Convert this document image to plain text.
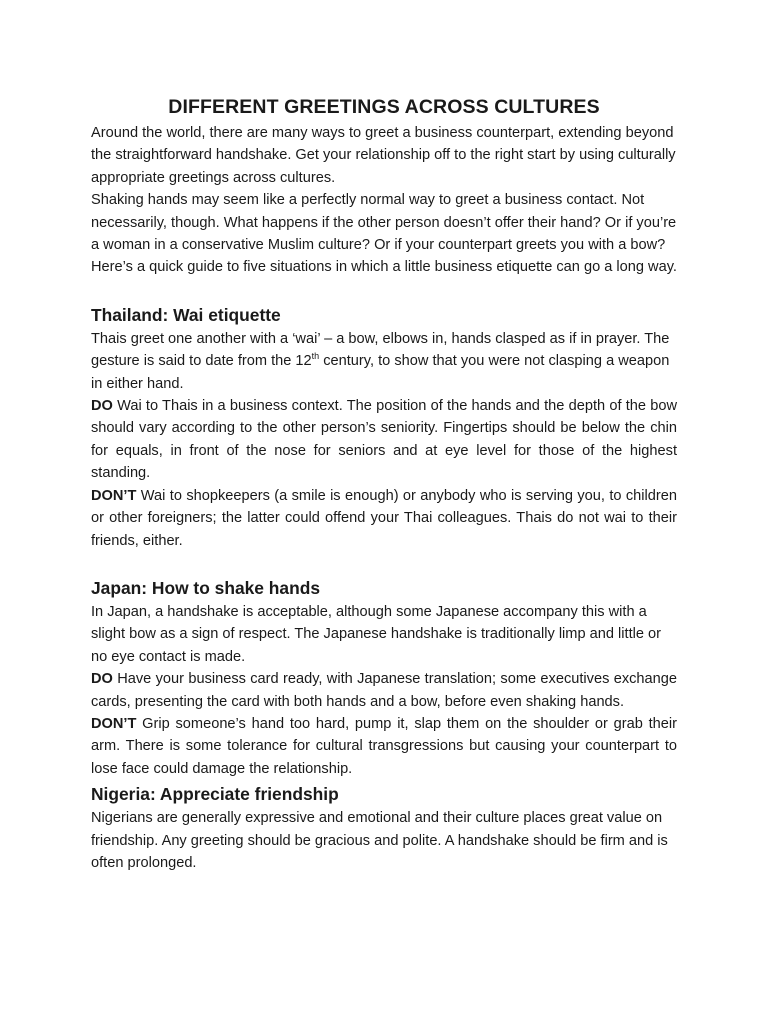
DIFFERENT GREETINGS ACROSS CULTURES

Around the world, there are many ways to greet a business counterpart, extending beyond the straightforward handshake. Get your relationship off to the right start by using culturally appropriate greetings across cultures.

Shaking hands may seem like a perfectly normal way to greet a business contact. Not necessarily, though. What happens if the other person doesn’t offer their hand? Or if you’re a woman in a conservative Muslim culture? Or if your counterpart greets you with a bow? Here’s a quick guide to five situations in which a little business etiquette can go a long way.

Thailand: Wai etiquette

Thais greet one another with a ‘wai’ – a bow, elbows in, hands clasped as if in prayer. The gesture is said to date from the 12th century, to show that you were not clasping a weapon in either hand.

DO Wai to Thais in a business context. The position of the hands and the depth of the bow should vary according to the other person’s seniority. Fingertips should be below the chin for equals, in front of the nose for seniors and at eye level for those of the highest standing.

DON’T Wai to shopkeepers (a smile is enough) or anybody who is serving you, to children or other foreigners; the latter could offend your Thai colleagues. Thais do not wai to their friends, either.

Japan: How to shake hands

In Japan, a handshake is acceptable, although some Japanese accompany this with a slight bow as a sign of respect. The Japanese handshake is traditionally limp and little or no eye contact is made.

DO Have your business card ready, with Japanese translation; some executives exchange cards, presenting the card with both hands and a bow, before even shaking hands.

DON’T Grip someone’s hand too hard, pump it, slap them on the shoulder or grab their arm. There is some tolerance for cultural transgressions but causing your counterpart to lose face could damage the relationship.

Nigeria: Appreciate friendship

Nigerians are generally expressive and emotional and their culture places great value on friendship. Any greeting should be gracious and polite. A handshake should be firm and is often prolonged.
